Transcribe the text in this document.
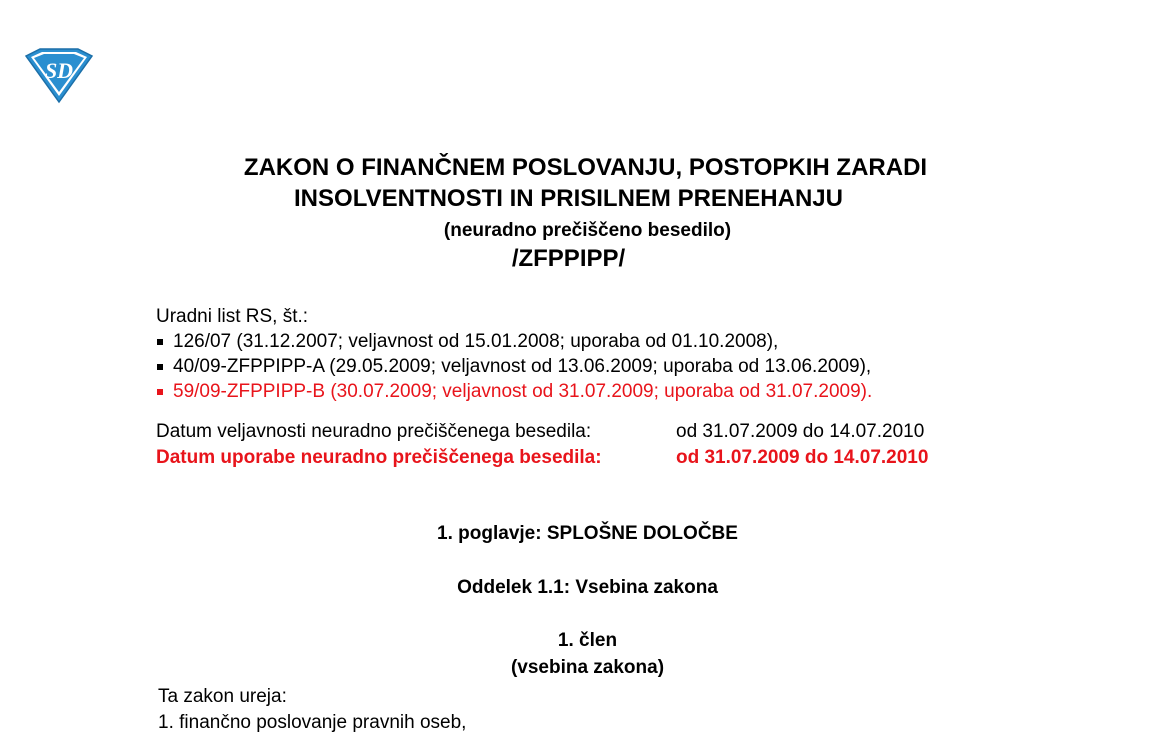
SD
ZAKON O FINANČNEM POSLOVANJU, POSTOPKIH ZARADI
INSOLVENTNOSTI IN PRISILNEM PRENEHANJU
(neuradno prečiščeno besedilo)
/ZFPPIPP/
Uradni list RS, št.:
126/07 (31.12.2007; veljavnost od 15.01.2008; uporaba od 01.10.2008),
40/09-ZFPPIPP-A (29.05.2009; veljavnost od 13.06.2009; uporaba od 13.06.2009),
59/09-ZFPPIPP-B (30.07.2009; veljavnost od 31.07.2009; uporaba od 31.07.2009).
Datum veljavnosti neuradno prečiščenega besedila:	od 31.07.2009 do 14.07.2010
Datum uporabe neuradno prečiščenega besedila:	od 31.07.2009 do 14.07.2010
1. poglavje: SPLOŠNE DOLOČBE
Oddelek 1.1: Vsebina zakona
1. člen
(vsebina zakona)
Ta zakon ureja:
1. finančno poslovanje pravnih oseb,
